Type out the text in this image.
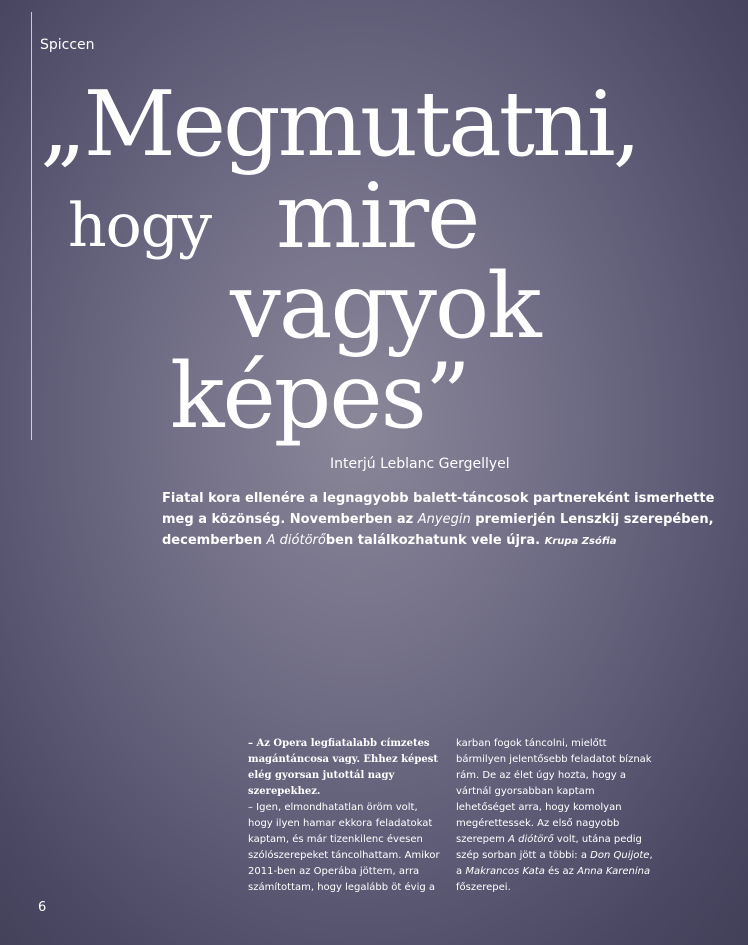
Spiccen
„Megmutatni,
hogy mire
vagyok
képes”
Interjú Leblanc Gergellyel

Fiatal kora ellenére a legnagyobb balett-táncosok partnereként ismerhette meg a közönség. Novemberben az Anyegin premierjén Lenszkij szerepében, decemberben A diótörőben találkozhatunk vele újra. Krupa Zsófia

– Az Opera legfiatalabb címzetes magántáncosa vagy. Ehhez képest elég gyorsan jutottál nagy szerepekhez.
– Igen, elmondhatatlan öröm volt, hogy ilyen hamar ekkora feladatokat kaptam, és már tizenkilenc évesen szólószerepeket táncolhattam. Amikor 2011-ben az Operába jöttem, arra számítottam, hogy legalább öt évig a
karban fogok táncolni, mielőtt bármilyen jelentősebb feladatot bíznak rám. De az élet úgy hozta, hogy a vártnál gyorsabban kaptam lehetőséget arra, hogy komolyan megérettessek. Az első nagyobb szerepem A diótörő volt, utána pedig szép sorban jött a többi: a Don Quijote, a Makrancos Kata és az Anna Karenina főszerepei.
6
